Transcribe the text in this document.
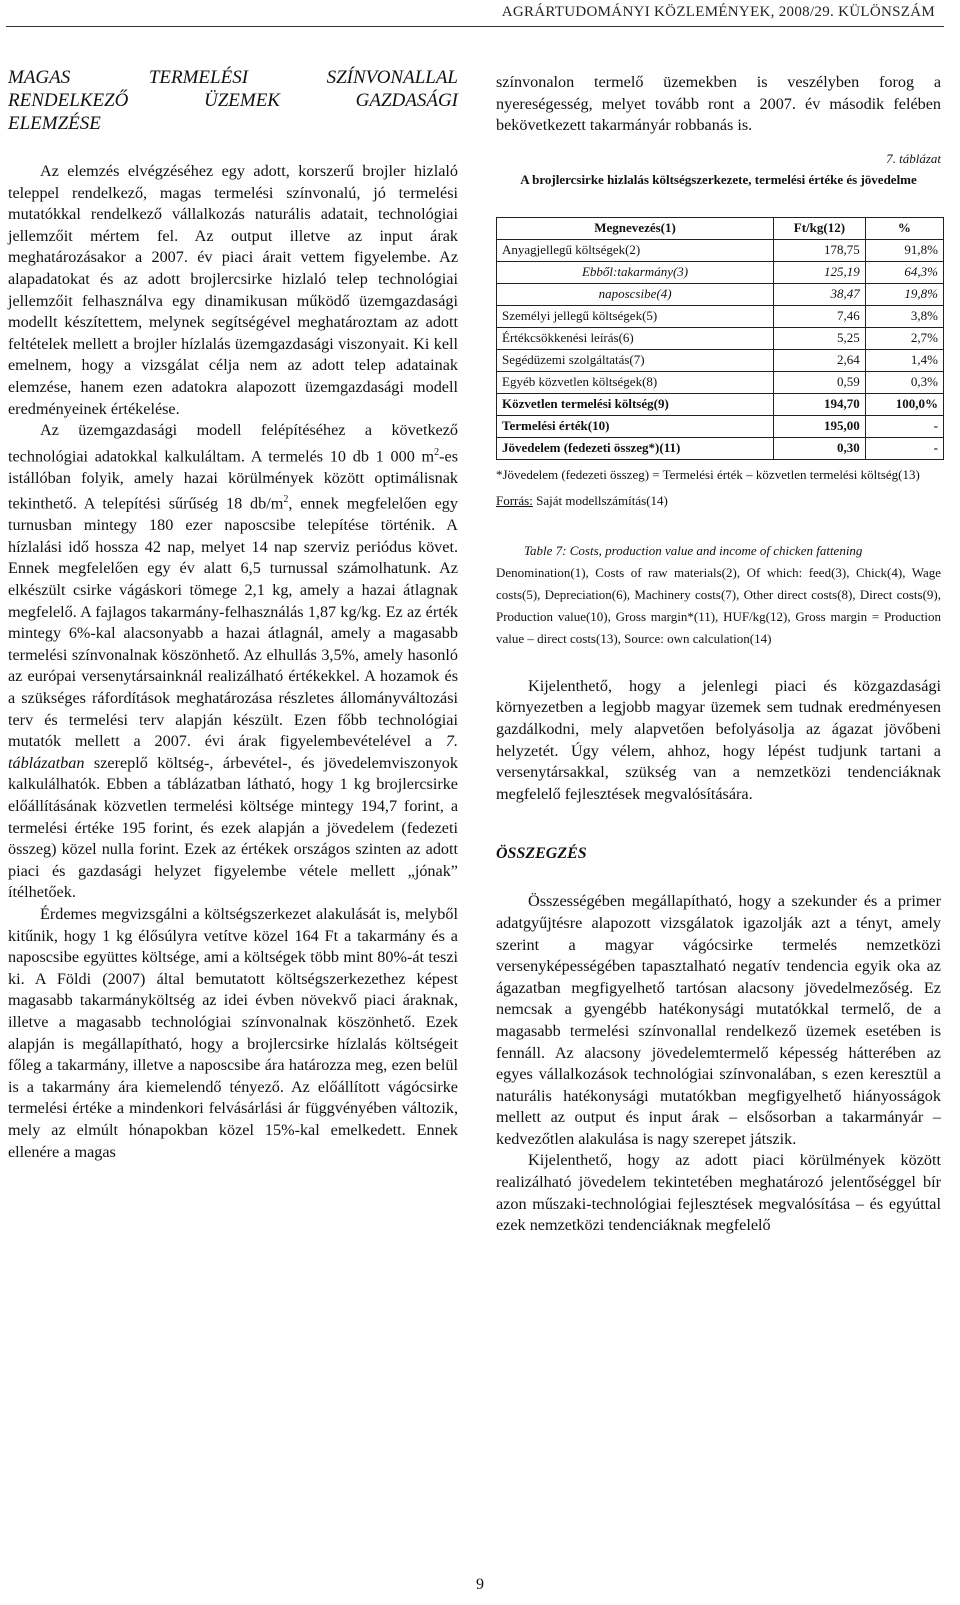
AGRÁRTUDOMÁNYI KÖZLEMÉNYEK, 2008/29. KÜLÖNSZÁM
MAGAS TERMELÉSI SZÍNVONALLAL
RENDELKEZŐ ÜZEMEK GAZDASÁGI
ELEMZÉSE

Az elemzés elvégzéséhez egy adott, korszerű brojler hizlaló teleppel rendelkező, magas termelési színvonalú, jó termelési mutatókkal rendelkező vállalkozás naturális adatait, technológiai jellemzőit mértem fel. Az output illetve az input árak meghatározásakor a 2007. év piaci árait vettem figyelembe. Az alapadatokat és az adott brojlercsirke hizlaló telep technológiai jellemzőit felhasználva egy dinamikusan működő üzemgazdasági modellt készítettem, melynek segítségével meghatároztam az adott feltételek mellett a brojler hízlalás üzemgazdasági viszonyait. Ki kell emelnem, hogy a vizsgálat célja nem az adott telep adatainak elemzése, hanem ezen adatokra alapozott üzemgazdasági modell eredményeinek értékelése.

Az üzemgazdasági modell felépítéséhez a következő technológiai adatokkal kalkuláltam. A termelés 10 db 1 000 $m^2-es$ istállóban folyik, amely hazai körülmények között optimálisnak tekinthető. A telepítési sűrűség 18 $db/m^2$, ennek megfelelően egy turnusban mintegy 180 ezer naposcsibe telepítése történik. A hízlalási idő hossza 42 nap, melyet 14 nap szerviz periódus követ. Ennek megfelelően egy év alatt 6,5 turnussal számolhatunk. Az elkészült csirke vágáskori tömege 2,1 kg, amely a hazai átlagnak megfelelő. A fajlagos takarmány-felhasználás 1,87 kg/kg. Ez az érték mintegy 6%-kal alacsonyabb a hazai átlagnál, amely a magasabb termelési színvonalnak köszönhető. Az elhullás 3,5%, amely hasonló az európai versenytársainknál realizálható értékekkel. A hozamok és a szükséges ráfordítások meghatározása részletes állományváltozási terv és termelési terv alapján készült. Ezen főbb technológiai mutatók mellett a 2007. évi árak figyelembevételével a 7. táblázatban szereplő költség-, árbevétel-, és jövedelemviszonyok kalkulálhatók. Ebben a táblázatban látható, hogy 1 kg brojlercsirke előállításának közvetlen termelési költsége mintegy 194,7 forint, a termelési értéke 195 forint, és ezek alapján a jövedelem (fedezeti összeg) közel nulla forint. Ezek az értékek országos szinten az adott piaci és gazdasági helyzet figyelembe vétele mellett „jónak” ítélhetőek.

Érdemes megvizsgálni a költségszerkezet alakulását is, melyből kitűnik, hogy 1 kg élősúlyra vetítve közel 164 Ft a takarmány és a naposcsibe együttes költsége, ami a költségek több mint 80%-át teszi ki. A Földi (2007) által bemutatott költségszerkezethez képest magasabb takarmányköltség az idei évben növekvő piaci áraknak, illetve a magasabb technológiai színvonalnak köszönhető. Ezek alapján is megállapítható, hogy a brojlercsirke hízlalás költségeit főleg a takarmány, illetve a naposcsibe ára határozza meg, ezen belül is a takarmány ára kiemelendő tényező. Az előállított vágócsirke termelési értéke a mindenkori felvásárlási ár függvényében változik, mely az elmúlt hónapokban közel 15%-kal emelkedett. Ennek ellenére a magas

színvonalon termelő üzemekben is veszélyben forog a nyereségesség, melyet tovább ront a 2007. év második felében bekövetkezett takarmányár robbanás is.

7. táblázat
A brojlercsirke hizlalás költségszerkezete, termelési értéke és jövedelme
Megnevezés(1)	Ft/kg(12)	%
Anyagjellegű költségek(2)	178,75	91,8%
Ebből:takarmány(3)	125,19	64,3%
naposcsibe(4)	38,47	19,8%
Személyi jellegű költségek(5)	7,46	3,8%
Értékcsökkenési leírás(6)	5,25	2,7%
Segédüzemi szolgáltatás(7)	2,64	1,4%
Egyéb közvetlen költségek(8)	0,59	0,3%
Közvetlen termelési költség(9)	194,70	100,0%
Termelési érték(10)	195,00	-
Jövedelem (fedezeti összeg*)(11)	0,30	-
*Jövedelem (fedezeti összeg) = Termelési érték – közvetlen termelési költség(13)
Forrás: Saját modellszámítás(14)
Table 7: Costs, production value and income of chicken fattening
Denomination(1), Costs of raw materials(2), Of which: feed(3), Chick(4), Wage costs(5), Depreciation(6), Machinery costs(7), Other direct costs(8), Direct costs(9), Production value(10), Gross margin*(11), HUF/kg(12), Gross margin = Production value – direct costs(13), Source: own calculation(14)

Kijelenthető, hogy a jelenlegi piaci és közgazdasági környezetben a legjobb magyar üzemek sem tudnak eredményesen gazdálkodni, mely alapvetően befolyásolja az ágazat jövőbeni helyzetét. Úgy vélem, ahhoz, hogy lépést tudjunk tartani a versenytársakkal, szükség van a nemzetközi tendenciáknak megfelelő fejlesztések megvalósítására.

ÖSSZEGZÉS

Összességében megállapítható, hogy a szekunder és a primer adatgyűjtésre alapozott vizsgálatok igazolják azt a tényt, amely szerint a magyar vágócsirke termelés nemzetközi versenyképességében tapasztalható negatív tendencia egyik oka az ágazatban megfigyelhető tartósan alacsony jövedelmezőség. Ez nemcsak a gyengébb hatékonysági mutatókkal termelő, de a magasabb termelési színvonallal rendelkező üzemek esetében is fennáll. Az alacsony jövedelemtermelő képesség hátterében az egyes vállalkozások technológiai színvonalában, s ezen keresztül a naturális hatékonysági mutatókban megfigyelhető hiányosságok mellett az output és input árak – elsősorban a takarmányár – kedvezőtlen alakulása is nagy szerepet játszik.

Kijelenthető, hogy az adott piaci körülmények között realizálható jövedelem tekintetében meghatározó jelentőséggel bír azon műszaki-technológiai fejlesztések megvalósítása – és egyúttal ezek nemzetközi tendenciáknak megfelelő

9
